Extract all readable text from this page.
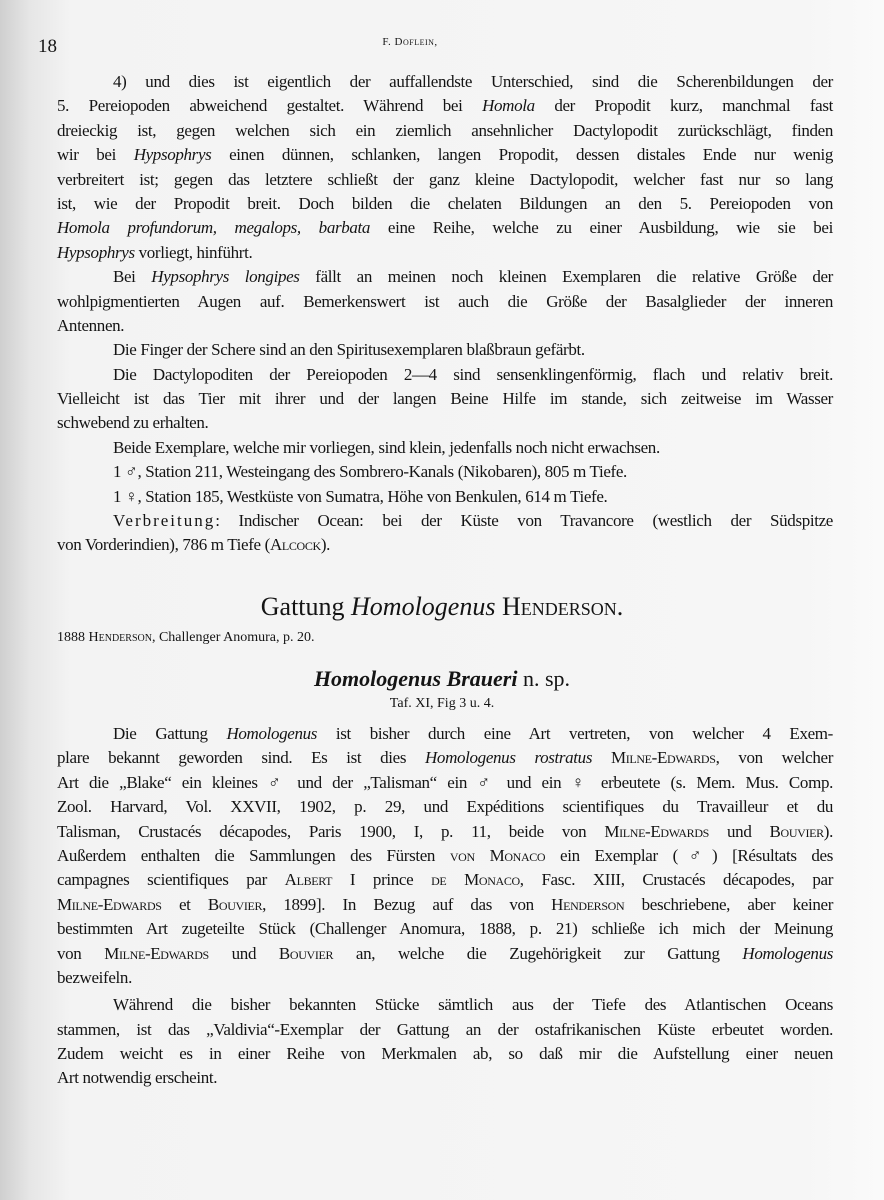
18	F. Doflein,
4) und dies ist eigentlich der auffallendste Unterschied, sind die Scherenbildungen der
5. Pereiopoden abweichend gestaltet. Während bei Homola der Propodit kurz, manchmal fast
dreieckig ist, gegen welchen sich ein ziemlich ansehnlicher Dactylopodit zurückschlägt, finden
wir bei Hypsophrys einen dünnen, schlanken, langen Propodit, dessen distales Ende nur wenig
verbreitert ist; gegen das letztere schließt der ganz kleine Dactylopodit, welcher fast nur so lang
ist, wie der Propodit breit. Doch bilden die chelaten Bildungen an den 5. Pereiopoden von
Homola profundorum, megalops, barbata eine Reihe, welche zu einer Ausbildung, wie sie bei
Hypsophrys vorliegt, hinführt.
Bei Hypsophrys longipes fällt an meinen noch kleinen Exemplaren die relative Größe der
wohlpigmentierten Augen auf. Bemerkenswert ist auch die Größe der Basalglieder der inneren
Antennen.
Die Finger der Schere sind an den Spiritusexemplaren blaßbraun gefärbt.
Die Dactylopoditen der Pereiopoden 2—4 sind sensenklingenförmig, flach und relativ breit.
Vielleicht ist das Tier mit ihrer und der langen Beine Hilfe im stande, sich zeitweise im Wasser
schwebend zu erhalten.
Beide Exemplare, welche mir vorliegen, sind klein, jedenfalls noch nicht erwachsen.
1 ♂, Station 211, Westeingang des Sombrero-Kanals (Nikobaren), 805 m Tiefe.
1 ♀, Station 185, Westküste von Sumatra, Höhe von Benkulen, 614 m Tiefe.
Verbreitung: Indischer Ocean: bei der Küste von Travancore (westlich der Südspitze
von Vorderindien), 786 m Tiefe (Alcock).
Gattung Homologenus Henderson.
1888 Henderson, Challenger Anomura, p. 20.
Homologenus Braueri n. sp.
Taf. XI, Fig 3 u. 4.
Die Gattung Homologenus ist bisher durch eine Art vertreten, von welcher 4 Exem-
plare bekannt geworden sind. Es ist dies Homologenus rostratus Milne-Edwards, von welcher
Art die „Blake“ ein kleines ♂ und der „Talisman“ ein ♂ und ein ♀ erbeutete (s. Mem. Mus. Comp.
Zool. Harvard, Vol. XXVII, 1902, p. 29, und Expéditions scientifiques du Travailleur et du
Talisman, Crustacés décapodes, Paris 1900, I, p. 11, beide von Milne-Edwards und Bouvier).
Außerdem enthalten die Sammlungen des Fürsten von Monaco ein Exemplar (♂) [Résultats des
campagnes scientifiques par Albert I prince de Monaco, Fasc. XIII, Crustacés décapodes, par
Milne-Edwards et Bouvier, 1899]. In Bezug auf das von Henderson beschriebene, aber keiner
bestimmten Art zugeteilte Stück (Challenger Anomura, 1888, p. 21) schließe ich mich der Meinung
von Milne-Edwards und Bouvier an, welche die Zugehörigkeit zur Gattung Homologenus
bezweifeln.
Während die bisher bekannten Stücke sämtlich aus der Tiefe des Atlantischen Oceans
stammen, ist das „Valdivia“-Exemplar der Gattung an der ostafrikanischen Küste erbeutet worden.
Zudem weicht es in einer Reihe von Merkmalen ab, so daß mir die Aufstellung einer neuen
Art notwendig erscheint.
